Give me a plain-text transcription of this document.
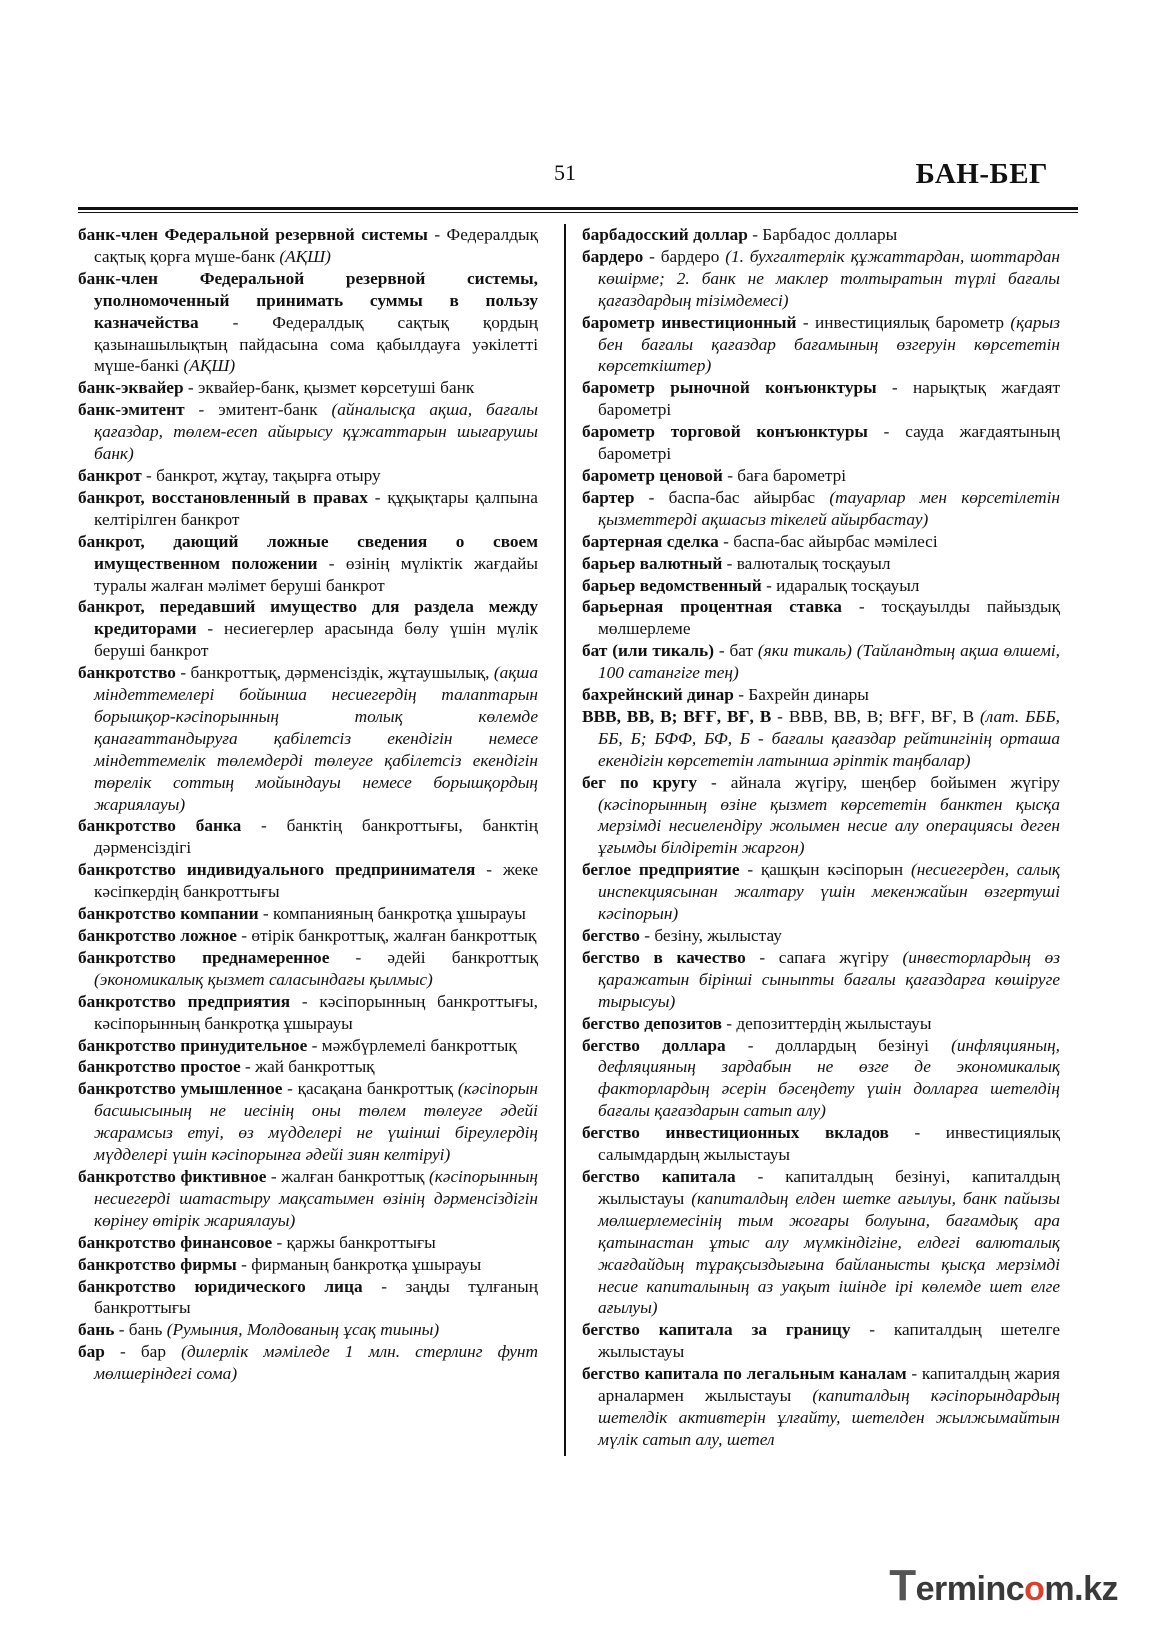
51	БАН-БЕГ

банк-член Федеральной резервной системы - Федералдық сақтық қорға мүше-банк (АҚШ)

банк-член Федеральной резервной системы, уполномоченный принимать суммы в пользу казначейства - Федералдық сақтық қордың қазынашылықтың пайдасына сома қабылдауға уәкілетті мүше-банкі (АҚШ)

банк-эквайер - эквайер-банк, қызмет көрсетуші банк

банк-эмитент - эмитент-банк (айналысқа ақша, бағалы қағаздар, төлем-есеп айырысу құжаттарын шығарушы банк)

банкрот - банкрот, жұтау, тақырға отыру

банкрот, восстановленный в правах - құқықтары қалпына келтірілген банкрот

банкрот, дающий ложные сведения о своем имущественном положении - өзінің мүліктік жағдайы туралы жалған мәлімет беруші банкрот

банкрот, передавший имущество для раздела между кредиторами - несиегерлер арасында бөлу үшін мүлік беруші банкрот

банкротство - банкроттық, дәрменсіздік, жұтаушылық, (ақша міндеттемелері бойынша несиегердің талаптарын борышқор-кәсіпорынның толық көлемде қанағаттандыруға қабілетсіз екендігін немесе міндеттемелік төлемдерді төлеуге қабілетсіз екендігін төрелік соттың мойындауы немесе борышқордың жариялауы)

банкротство банка - банктің банкроттығы, банктің дәрменсіздігі

банкротство индивидуального предпринимателя - жеке кәсіпкердің банкроттығы

банкротство компании - компанияның банкротқа ұшырауы

банкротство ложное - өтірік банкроттық, жалған банкроттық

банкротство преднамеренное - әдейі банкроттық (экономикалық қызмет саласындағы қылмыс)

банкротство предприятия - кәсіпорынның банкроттығы, кәсіпорынның банкротқа ұшырауы

банкротство принудительное - мәжбүрлемелі банкроттық

банкротство простое - жай банкроттық

банкротство умышленное - қасақана банкроттық (кәсіпорын басшысының не иесінің оны төлем төлеуге әдейі жарамсыз етуі, өз мүдделері не үшінші біреулердің мүдделері үшін кәсіпорынға әдейі зиян келтіруі)

банкротство фиктивное - жалған банкроттық (кәсіпорынның несиегерді шатастыру мақсатымен өзінің дәрменсіздігін көрінеу өтірік жариялауы)

банкротство финансовое - қаржы банкроттығы

банкротство фирмы - фирманың банкротқа ұшырауы

банкротство юридического лица - заңды тұлғаның банкроттығы

бань - бань (Румыния, Молдованың ұсақ тиыны)

бар - бар (дилерлік мәміледе 1 млн. стерлинг фунт мөлшеріндегі сома)

барбадосский доллар - Барбадос доллары

бардеро - бардеро (1. бухгалтерлік құжаттардан, шоттардан көшірме; 2. банк не маклер толтыратын түрлі бағалы қағаздардың тізімдемесі)

барометр инвестиционный - инвестициялық барометр (қарыз бен бағалы қағаздар бағамының өзгеруін көрсететін көрсеткіштер)

барометр рыночной конъюнктуры - нарықтық жағдаят барометрі

барометр торговой конъюнктуры - сауда жағдаятының барометрі

барометр ценовой - баға барометрі

бартер - баспа-бас айырбас (тауарлар мен көрсетілетін қызметтерді ақшасыз тікелей айырбастау)

бартерная сделка - баспа-бас айырбас мәмілесі

барьер валютный - валюталық тосқауыл

барьер ведомственный - идаралық тосқауыл

барьерная процентная ставка - тосқауылды пайыздық мөлшерлеме

бат (или тикаль) - бат (яки тикаль) (Тайландтың ақша өлшемі, 100 сатангігe тең)

бахрейнский динар - Бахрейн динары

ВВВ, ВВ, В; ВҒҒ, ВҒ, В - ВВВ, ВВ, В; ВҒҒ, ВҒ, В (лат. БББ, ББ, Б; БФФ, БФ, Б - бағалы қағаздар рейтингінің орташа екендігін көрсететін латынша әріптік таңбалар)

бег по кругу - айнала жүгіру, шеңбер бойымен жүгіру (кәсіпорынның өзіне қызмет көрсететін банктен қысқа мерзімді несиелендіру жолымен несие алу операциясы деген ұғымды білдіретін жаргон)

беглое предприятие - қашқын кәсіпорын (несиегерден, салық инспекциясынан жалтару үшін мекенжайын өзгертуші кәсіпорын)

бегство - безіну, жылыстау

бегство в качество - сапаға жүгіру (инвесторлардың өз қаражатын бірінші сыныпты бағалы қағаздарға көшіруге тырысуы)

бегство депозитов - депозиттердің жылыстауы

бегство доллара - доллардың безінуі (инфляцияның, дефляцияның зардабын не өзге де экономикалық факторлардың әсерін бәсеңдету үшін долларға шетелдің бағалы қағаздарын сатып алу)

бегство инвестиционных вкладов - инвестициялық салымдардың жылыстауы

бегство капитала - капиталдың безінуі, капиталдың жылыстауы (капиталдың елден шетке ағылуы, банк пайызы мөлшерлемесінің тым жоғары болуына, бағамдық ара қатынастан ұтыс алу мүмкіндігіне, елдегі валюталық жағдайдың тұрақсыздығына байланысты қысқа мерзімді несие капиталының аз уақыт ішінде ірі көлемде шет елге ағылуы)

бегство капитала за границу - капиталдың шетелге жылыстауы

бегство капитала по легальным каналам - капиталдың жария арналармен жылыстауы (капиталдың кәсіпорындардың шетелдік активтерін ұлғайту, шетелден жылжымайтын мүлік сатып алу, шетел

Termincom.kz
